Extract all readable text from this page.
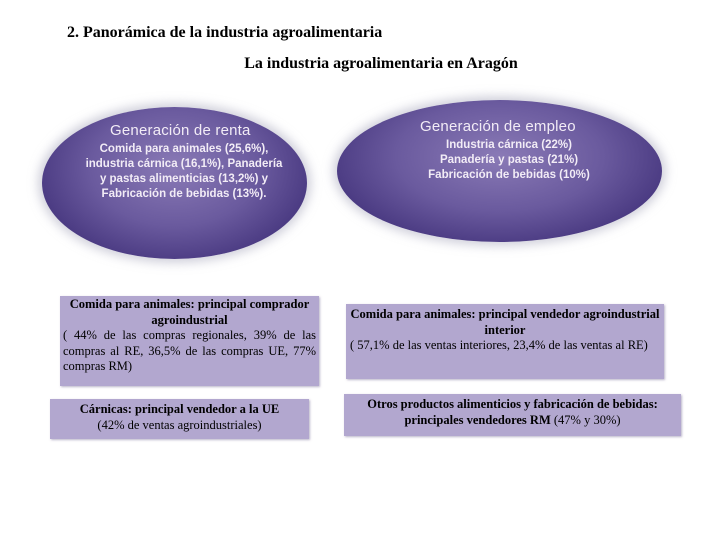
2. Panorámica de la industria agroalimentaria
La industria agroalimentaria en Aragón
Generación de renta
Comida para animales (25,6%), industria cárnica (16,1%), Panadería y pastas alimenticias (13,2%) y Fabricación de bebidas (13%).
Generación de empleo
Industria cárnica (22%)
Panadería y pastas (21%)
Fabricación de bebidas (10%)
Comida para animales: principal comprador agroindustrial
( 44% de las compras regionales, 39% de las compras al RE, 36,5% de las compras UE, 77% compras RM)
Comida para animales: principal vendedor agroindustrial interior
( 57,1% de las ventas interiores, 23,4% de las ventas al RE)
Cárnicas: principal vendedor a la UE
(42% de ventas agroindustriales)
Otros productos alimenticios y fabricación de bebidas: principales vendedores RM (47% y 30%)
